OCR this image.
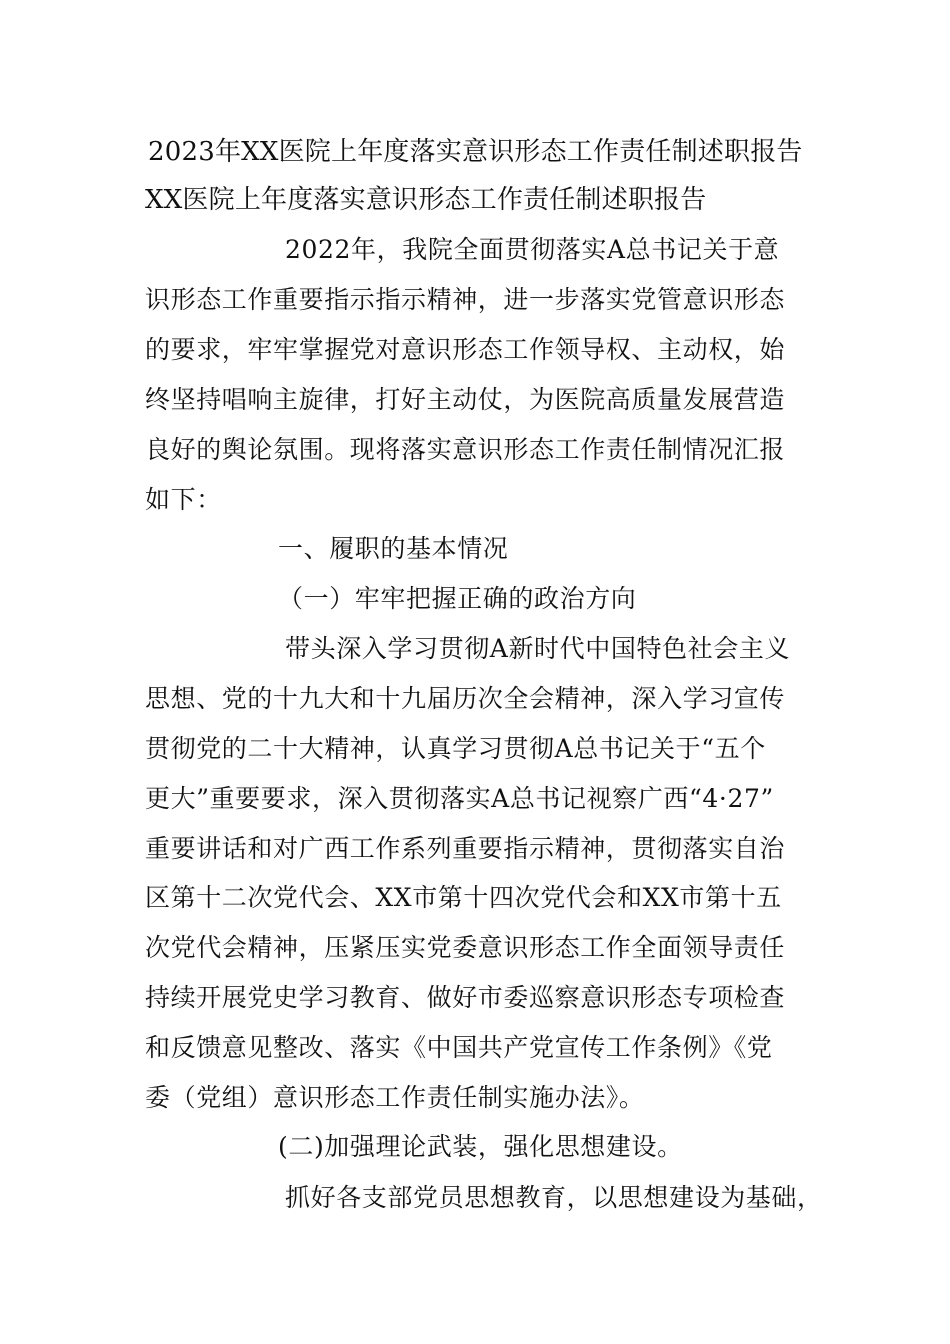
2023年XX医院上年度落实意识形态工作责任制述职报告

XX医院上年度落实意识形态工作责任制述职报告

2022年，我院全面贯彻落实A总书记关于意

识形态工作重要指示指示精神，进一步落实党管意识形态

的要求，牢牢掌握党对意识形态工作领导权、主动权，始

终坚持唱响主旋律，打好主动仗，为医院高质量发展营造

良好的舆论氛围。现将落实意识形态工作责任制情况汇报

如下：

一、履职的基本情况

（一）牢牢把握正确的政治方向

带头深入学习贯彻A新时代中国特色社会主义

思想、党的十九大和十九届历次全会精神，深入学习宣传

贯彻党的二十大精神，认真学习贯彻A总书记关于“五个

更大”重要要求，深入贯彻落实A总书记视察广西“4·27”

重要讲话和对广西工作系列重要指示精神，贯彻落实自治

区第十二次党代会、XX市第十四次党代会和XX市第十五

次党代会精神，压紧压实党委意识形态工作全面领导责任

持续开展党史学习教育、做好市委巡察意识形态专项检查

和反馈意见整改、落实《中国共产党宣传工作条例》《党

委（党组）意识形态工作责任制实施办法》。

(二)加强理论武装，强化思想建设。

抓好各支部党员思想教育，以思想建设为基础，
